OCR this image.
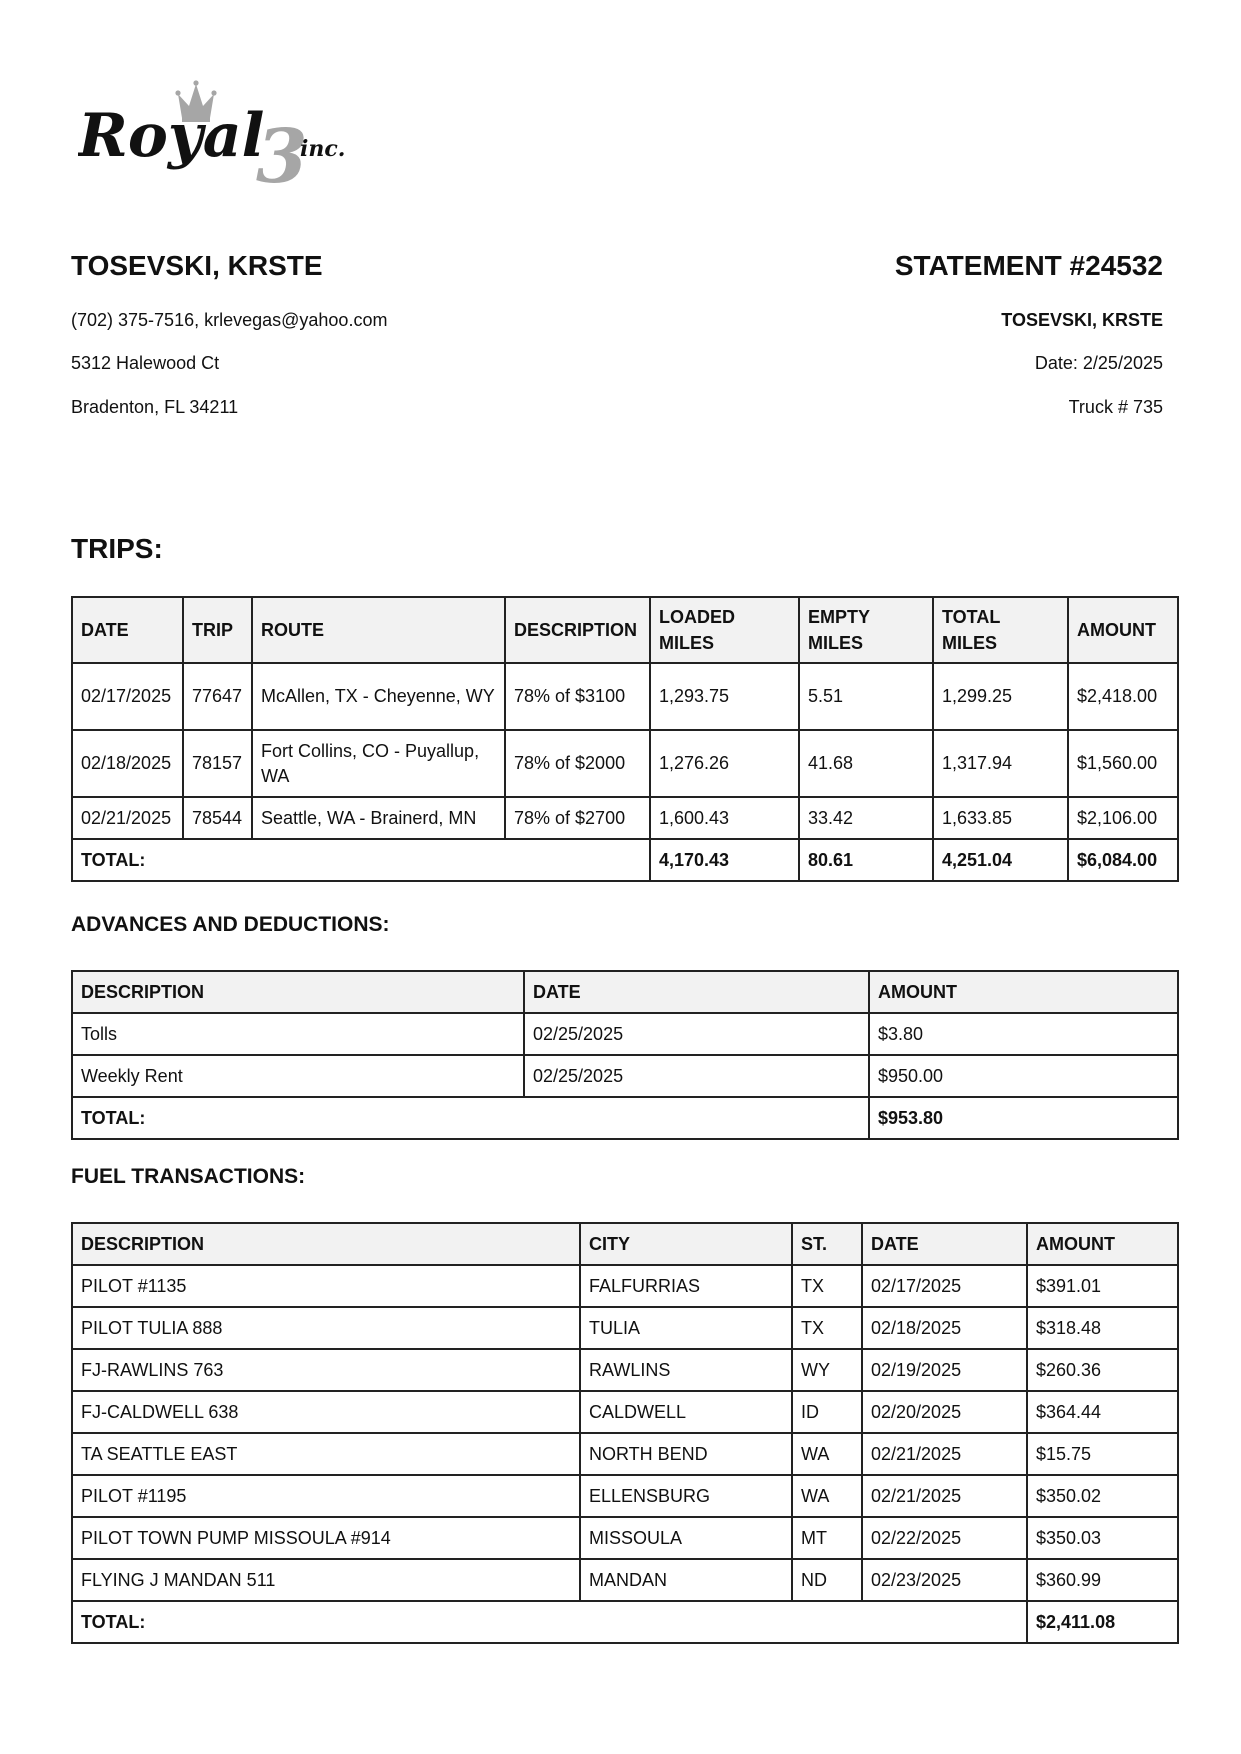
Royal
3
inc.
TOSEVSKI, KRSTE
(702) 375-7516, krlevegas@yahoo.com
5312 Halewood Ct
Bradenton, FL 34211
STATEMENT #24532
TOSEVSKI, KRSTE
Date: 2/25/2025
Truck # 735
TRIPS:
DATE	TRIP	ROUTE	DESCRIPTION	LOADED MILES	EMPTY MILES	TOTAL MILES	AMOUNT
02/17/2025	77647	McAllen, TX - Cheyenne, WY	78% of $3100	1,293.75	5.51	1,299.25	$2,418.00
02/18/2025	78157	Fort Collins, CO - Puyallup, WA	78% of $2000	1,276.26	41.68	1,317.94	$1,560.00
02/21/2025	78544	Seattle, WA - Brainerd, MN	78% of $2700	1,600.43	33.42	1,633.85	$2,106.00
TOTAL:				4,170.43	80.61	4,251.04	$6,084.00
ADVANCES AND DEDUCTIONS:
DESCRIPTION	DATE	AMOUNT
Tolls	02/25/2025	$3.80
Weekly Rent	02/25/2025	$950.00
TOTAL:		$953.80
FUEL TRANSACTIONS:
DESCRIPTION	CITY	ST.	DATE	AMOUNT
PILOT #1135	FALFURRIAS	TX	02/17/2025	$391.01
PILOT TULIA 888	TULIA	TX	02/18/2025	$318.48
FJ-RAWLINS 763	RAWLINS	WY	02/19/2025	$260.36
FJ-CALDWELL 638	CALDWELL	ID	02/20/2025	$364.44
TA SEATTLE EAST	NORTH BEND	WA	02/21/2025	$15.75
PILOT #1195	ELLENSBURG	WA	02/21/2025	$350.02
PILOT TOWN PUMP MISSOULA #914	MISSOULA	MT	02/22/2025	$350.03
FLYING J MANDAN 511	MANDAN	ND	02/23/2025	$360.99
TOTAL:				$2,411.08
